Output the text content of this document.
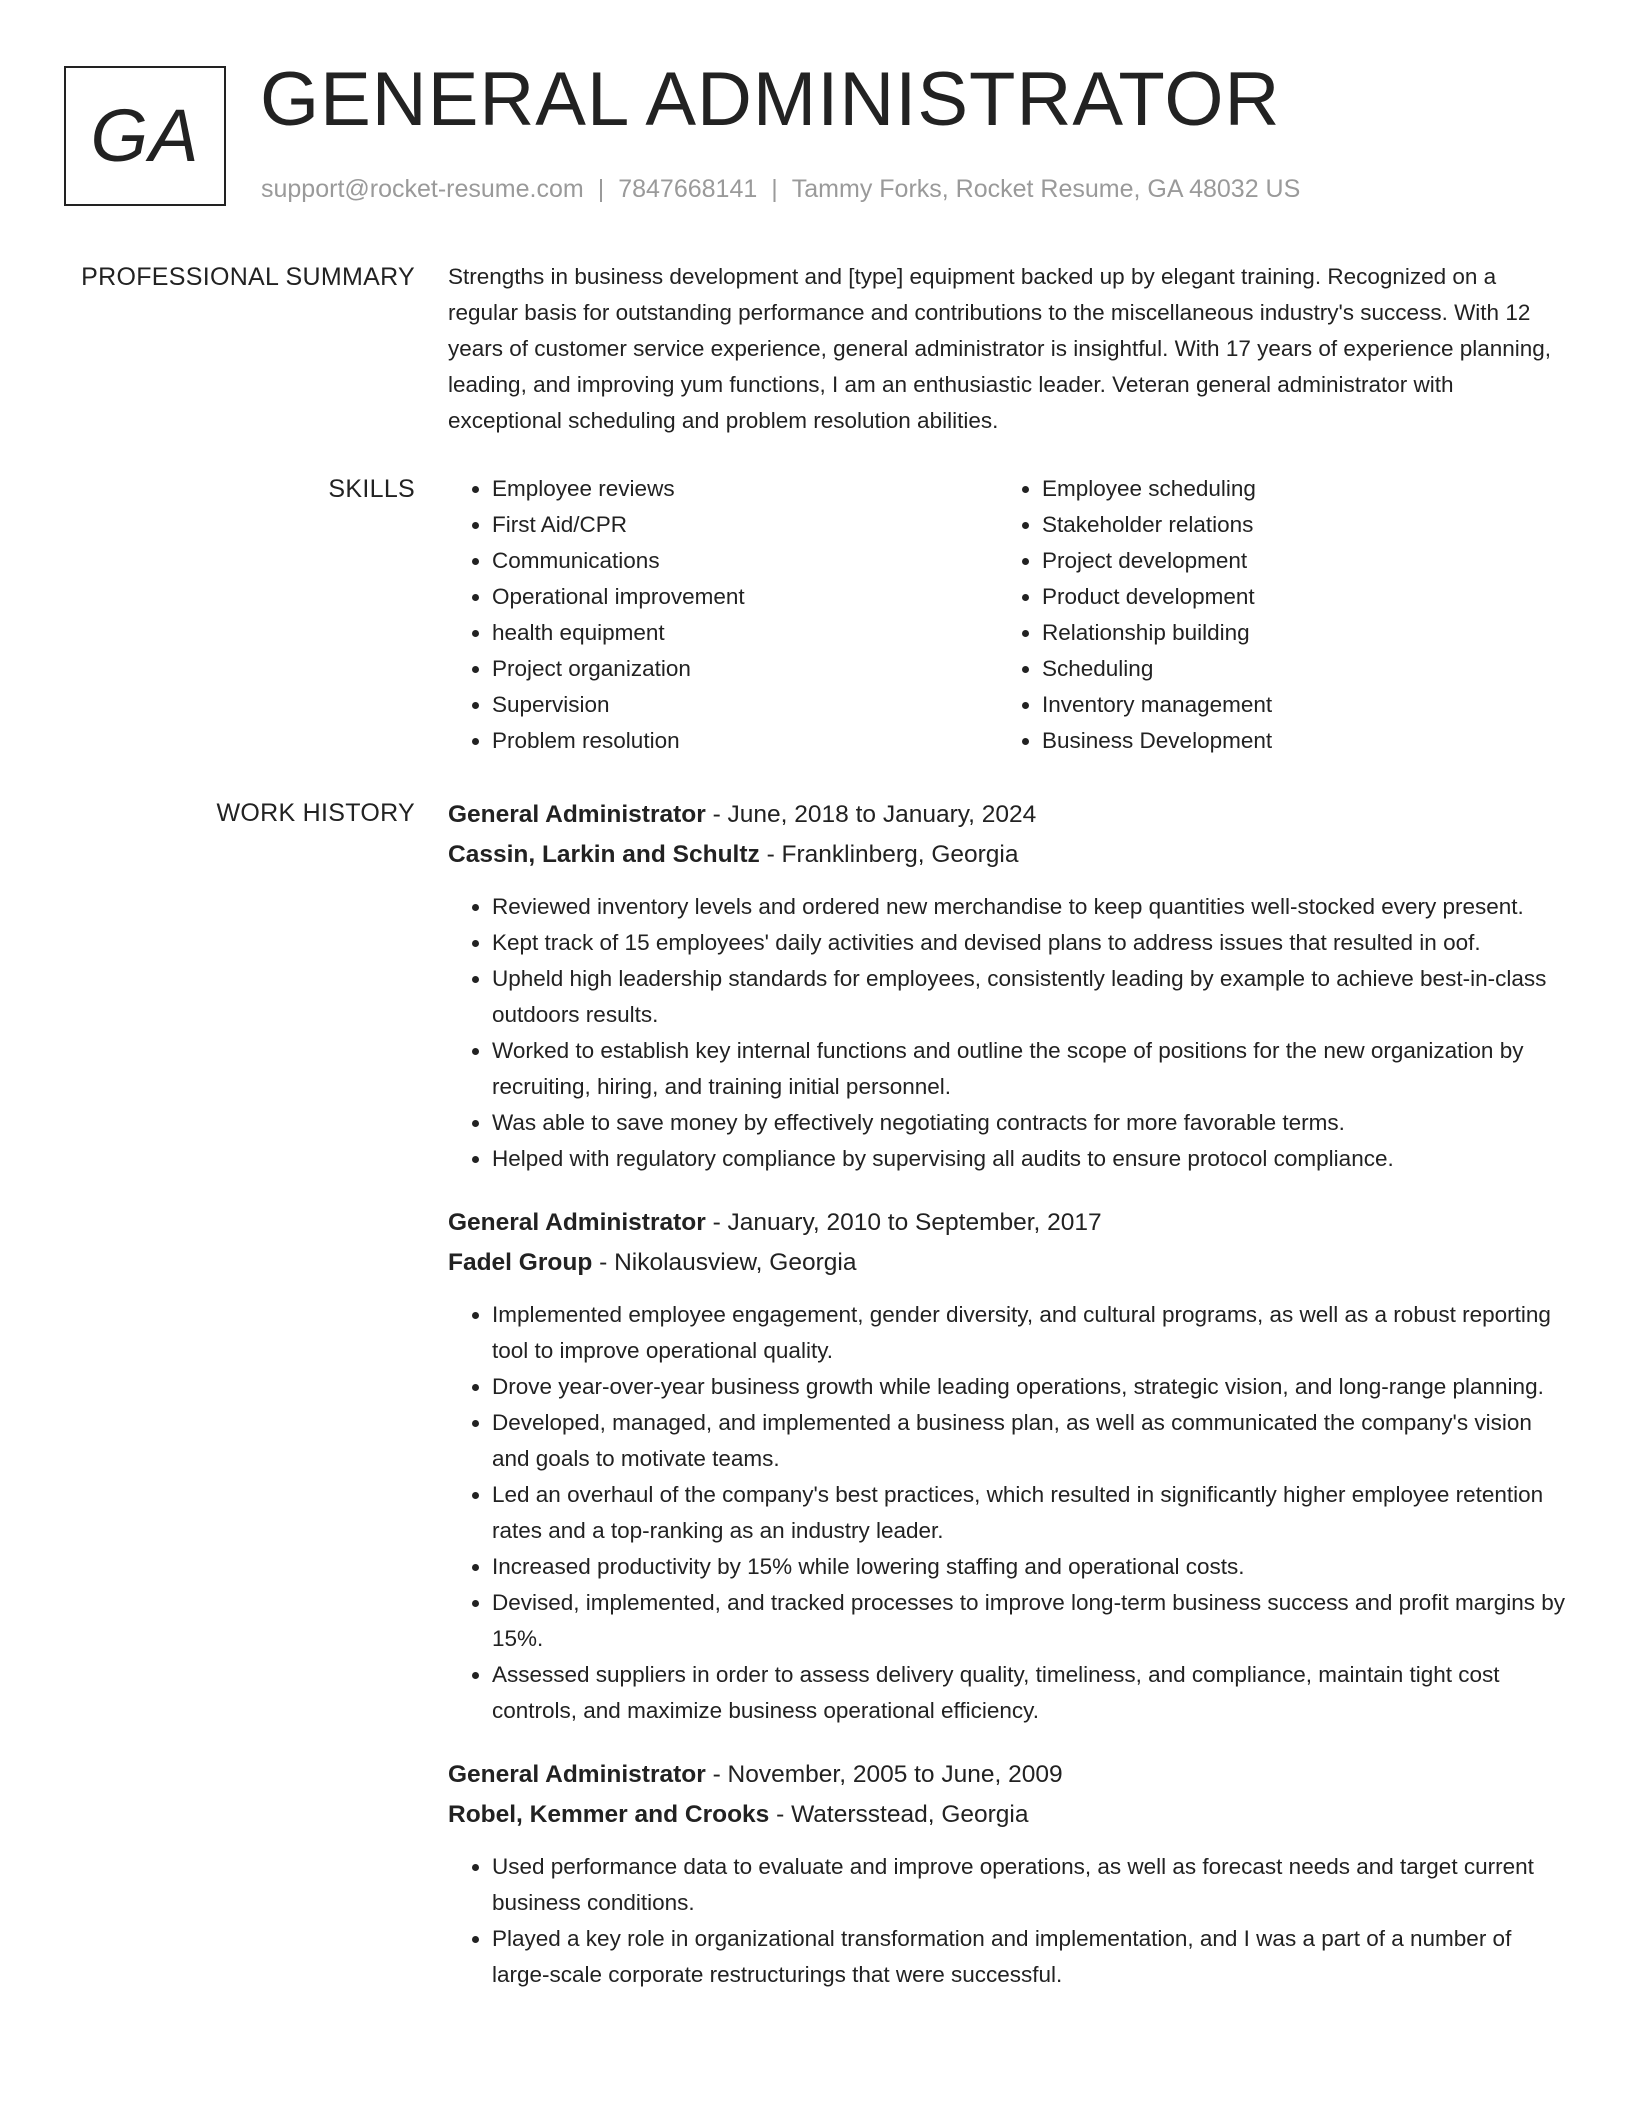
GA GENERAL ADMINISTRATOR
support@rocket-resume.com | 7847668141 | Tammy Forks, Rocket Resume, GA 48032 US
PROFESSIONAL SUMMARY Strengths in business development and [type] equipment backed up by elegant training. Recognized on a regular basis for outstanding performance and contributions to the miscellaneous industry's success. With 12 years of customer service experience, general administrator is insightful. With 17 years of experience planning, leading, and improving yum functions, I am an enthusiastic leader. Veteran general administrator with exceptional scheduling and problem resolution abilities.

SKILLS
•	Employee reviews
• First Aid/CPR
• Communications
• Operational improvement
• health equipment
• Project organization
• Supervision
• Problem resolution
• Employee scheduling
• Stakeholder relations
• Project development
• Product development
• Relationship building
• Scheduling
• Inventory management
• Business Development
WORK HISTORY General Administrator - June, 2018 to January, 2024
Cassin, Larkin and Schultz - Franklinberg, Georgia
• Reviewed inventory levels and ordered new merchandise to keep quantities well-stocked every present.
• Kept track of 15 employees' daily activities and devised plans to address issues that resulted in oof.
• Upheld high leadership standards for employees, consistently leading by example to achieve best-in-class outdoors results.
• Worked to establish key internal functions and outline the scope of positions for the new organization by recruiting, hiring, and training initial personnel.
• Was able to save money by effectively negotiating contracts for more favorable terms.
• Helped with regulatory compliance by supervising all audits to ensure protocol compliance.
General Administrator - January, 2010 to September, 2017
Fadel Group - Nikolausview, Georgia
• Implemented employee engagement, gender diversity, and cultural programs, as well as a robust reporting tool to improve operational quality.
• Drove year-over-year business growth while leading operations, strategic vision, and long-range planning.
• Developed, managed, and implemented a business plan, as well as communicated the company's vision and goals to motivate teams.
• Led an overhaul of the company's best practices, which resulted in significantly higher employee retention rates and a top-ranking as an industry leader.
• Increased productivity by 15% while lowering staffing and operational costs.
• Devised, implemented, and tracked processes to improve long-term business success and profit margins by 15%.
• Assessed suppliers in order to assess delivery quality, timeliness, and compliance, maintain tight cost controls, and maximize business operational efficiency.
General Administrator - November, 2005 to June, 2009
Robel, Kemmer and Crooks - Watersstead, Georgia
• Used performance data to evaluate and improve operations, as well as forecast needs and target current business conditions.
• Played a key role in organizational transformation and implementation, and I was a part of a number of large-scale corporate restructurings that were successful.
